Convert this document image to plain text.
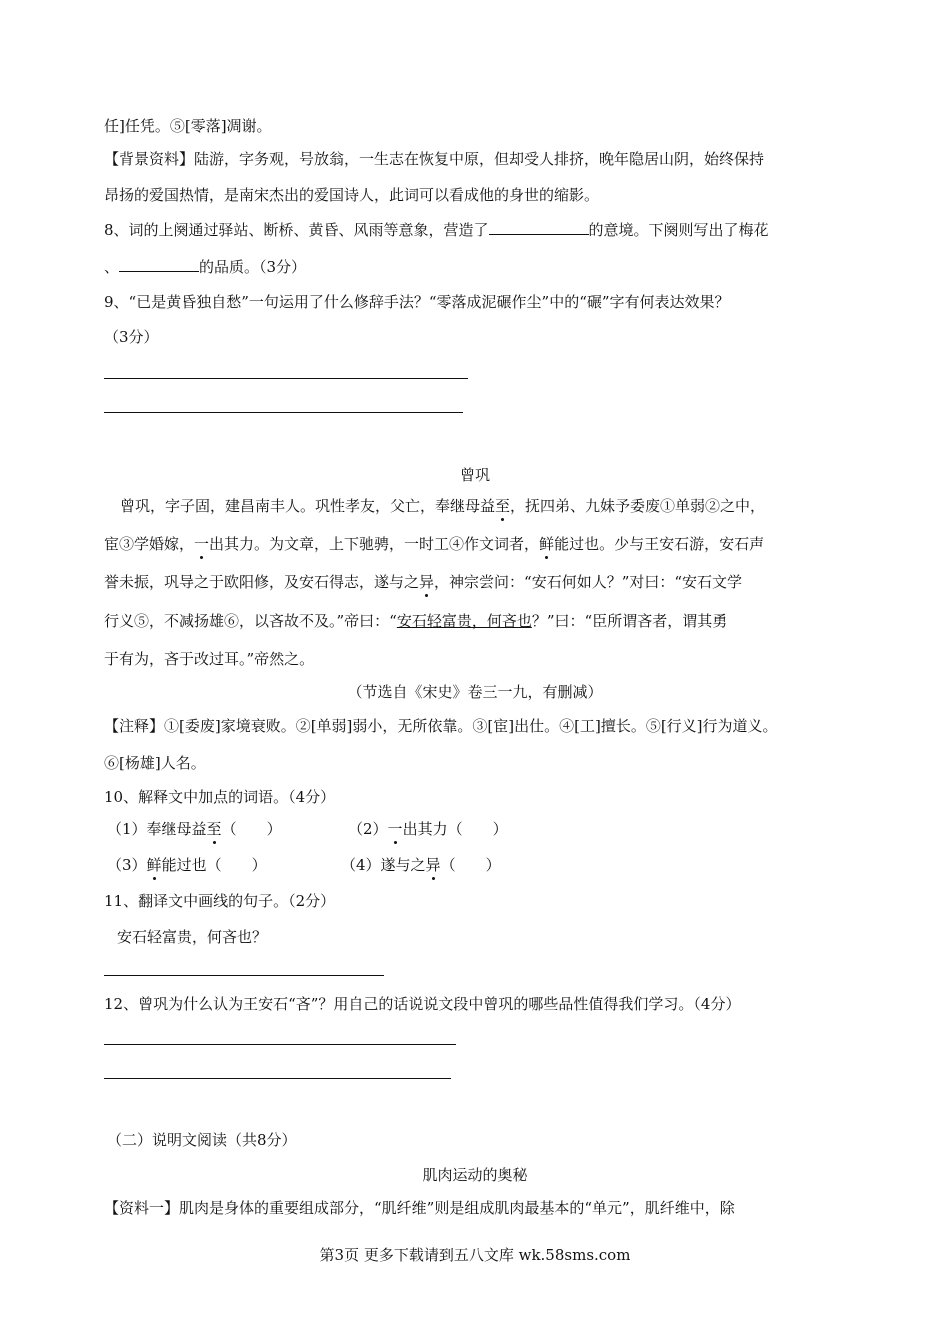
任]任凭。⑤[零落]凋谢。
【背景资料】陆游，字务观，号放翁，一生志在恢复中原，但却受人排挤，晚年隐居山阴，始终保持
昂扬的爱国热情，是南宋杰出的爱国诗人，此词可以看成他的身世的缩影。
8、词的上阕通过驿站、断桥、黄昏、风雨等意象，营造了	的意境。下阕则写出了梅花
、	的品质。（3分）
9、“已是黄昏独自愁”一句运用了什么修辞手法？“零落成泥碾作尘”中的“碾”字有何表达效果？
（3分）
曾巩
曾巩，字子固，建昌南丰人。巩性孝友，父亡，奉继母益至，抚四弟、九妹予委废①单弱②之中，
宦③学婚嫁，一出其力。为文章，上下驰骋，一时工④作文词者，鲜能过也。少与王安石游，安石声
誉未振，巩导之于欧阳修，及安石得志，遂与之异，神宗尝问：“安石何如人？”对曰：“安石文学
行义⑤，不减扬雄⑥，以吝故不及。”帝曰：“安石轻富贵，何吝也？”曰：“臣所谓吝者，谓其勇
于有为，吝于改过耳。”帝然之。
（节选自《宋史》卷三一九，有删减）
【注释】①[委废]家境衰败。②[单弱]弱小，无所依靠。③[宦]出仕。④[工]擅长。⑤[行义]行为道义。
⑥[杨雄]人名。
10、解释文中加点的词语。（4分）
（1）奉继母益至（　　）	（2）一出其力（　　）
（3）鲜能过也（　　）	（4）遂与之异（　　）
11、翻译文中画线的句子。（2分）
安石轻富贵，何吝也？
12、曾巩为什么认为王安石“吝”？用自己的话说说文段中曾巩的哪些品性值得我们学习。（4分）
（二）说明文阅读（共8分）
肌肉运动的奥秘
【资料一】肌肉是身体的重要组成部分，“肌纤维”则是组成肌肉最基本的“单元”，肌纤维中，除
第3页 更多下载请到五八文库 wk.58sms.com
